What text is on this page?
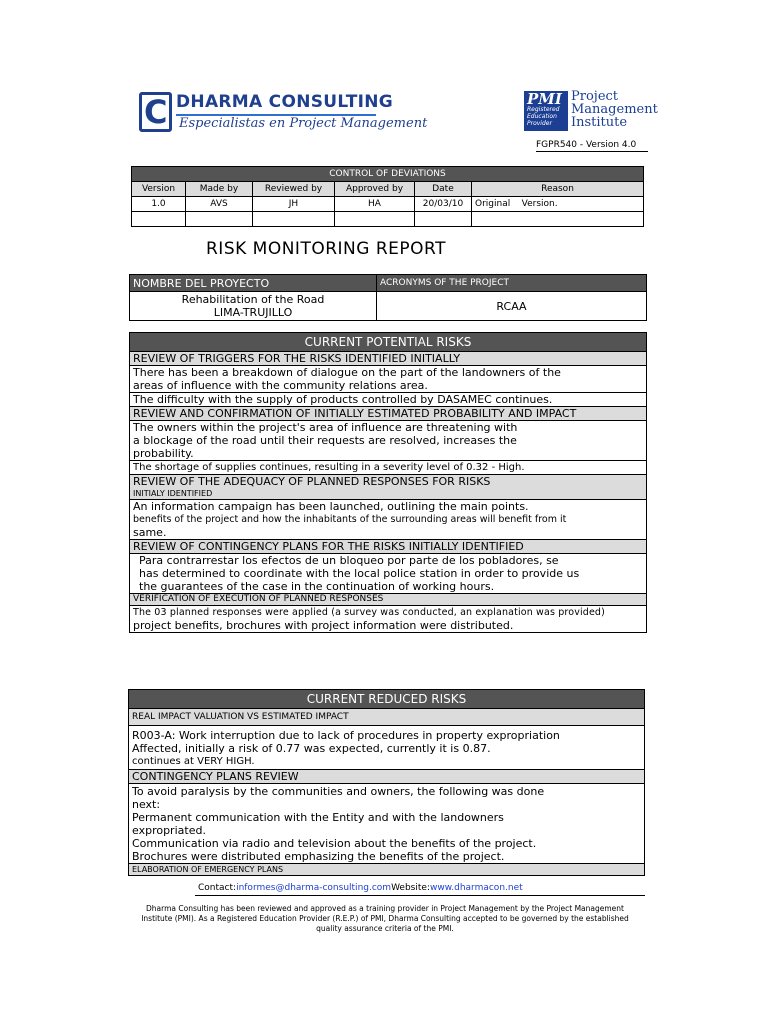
C DHARMA CONSULTING
Especialistas en Project Management
PMI
Registered Education Provider
Project
Management
Institute
FGPR540 - Version 4.0
CONTROL OF DEVIATIONS					
Version	Made by	Reviewed by	Approved by	Date	Reason
1.0	AVS	JH	HA	20/03/10	Original    Version.

RISK MONITORING REPORT
NOMBRE DEL PROYECTO	ACRONYMS OF THE PROJECT

Rehabilitation of the Road
LIMA-TRUJILLO	RCAA
CURRENT POTENTIAL RISKS
REVIEW OF TRIGGERS FOR THE RISKS IDENTIFIED INITIALLY
There has been a breakdown of dialogue on the part of the landowners of the
areas of influence with the community relations area.
The difficulty with the supply of products controlled by DASAMEC continues.
REVIEW AND CONFIRMATION OF INITIALLY ESTIMATED PROBABILITY AND IMPACT
The owners within the project's area of influence are threatening with
a blockage of the road until their requests are resolved, increases the
probability.
The shortage of supplies continues, resulting in a severity level of 0.32 - High.
REVIEW OF THE ADEQUACY OF PLANNED RESPONSES FOR RISKS
INITIALY IDENTIFIED
An information campaign has been launched, outlining the main points.
benefits of the project and how the inhabitants of the surrounding areas will benefit from it
same.
REVIEW OF CONTINGENCY PLANS FOR THE RISKS INITIALLY IDENTIFIED
Para contrarrestar los efectos de un bloqueo por parte de los pobladores, se
has determined to coordinate with the local police station in order to provide us
the guarantees of the case in the continuation of working hours.
VERIFICATION OF EXECUTION OF PLANNED RESPONSES
The 03 planned responses were applied (a survey was conducted, an explanation was provided)
project benefits, brochures with project information were distributed.
CURRENT REDUCED RISKS
REAL IMPACT VALUATION VS ESTIMATED IMPACT
R003-A: Work interruption due to lack of procedures in property expropriation
Affected, initially a risk of 0.77 was expected, currently it is 0.87.
continues at VERY HIGH.
CONTINGENCY PLANS REVIEW
To avoid paralysis by the communities and owners, the following was done
next:
Permanent communication with the Entity and with the landowners
expropriated.
Communication via radio and television about the benefits of the project.
Brochures were distributed emphasizing the benefits of the project.
ELABORATION OF EMERGENCY PLANS
Contact:informes@dharma-consulting.comWebsite:www.dharmacon.net
Dharma Consulting has been reviewed and approved as a training provider in Project Management by the Project Management Institute (PMI). As a Registered Education Provider (R.E.P.) of PMI, Dharma Consulting accepted to be governed by the established quality assurance criteria of the PMI.
